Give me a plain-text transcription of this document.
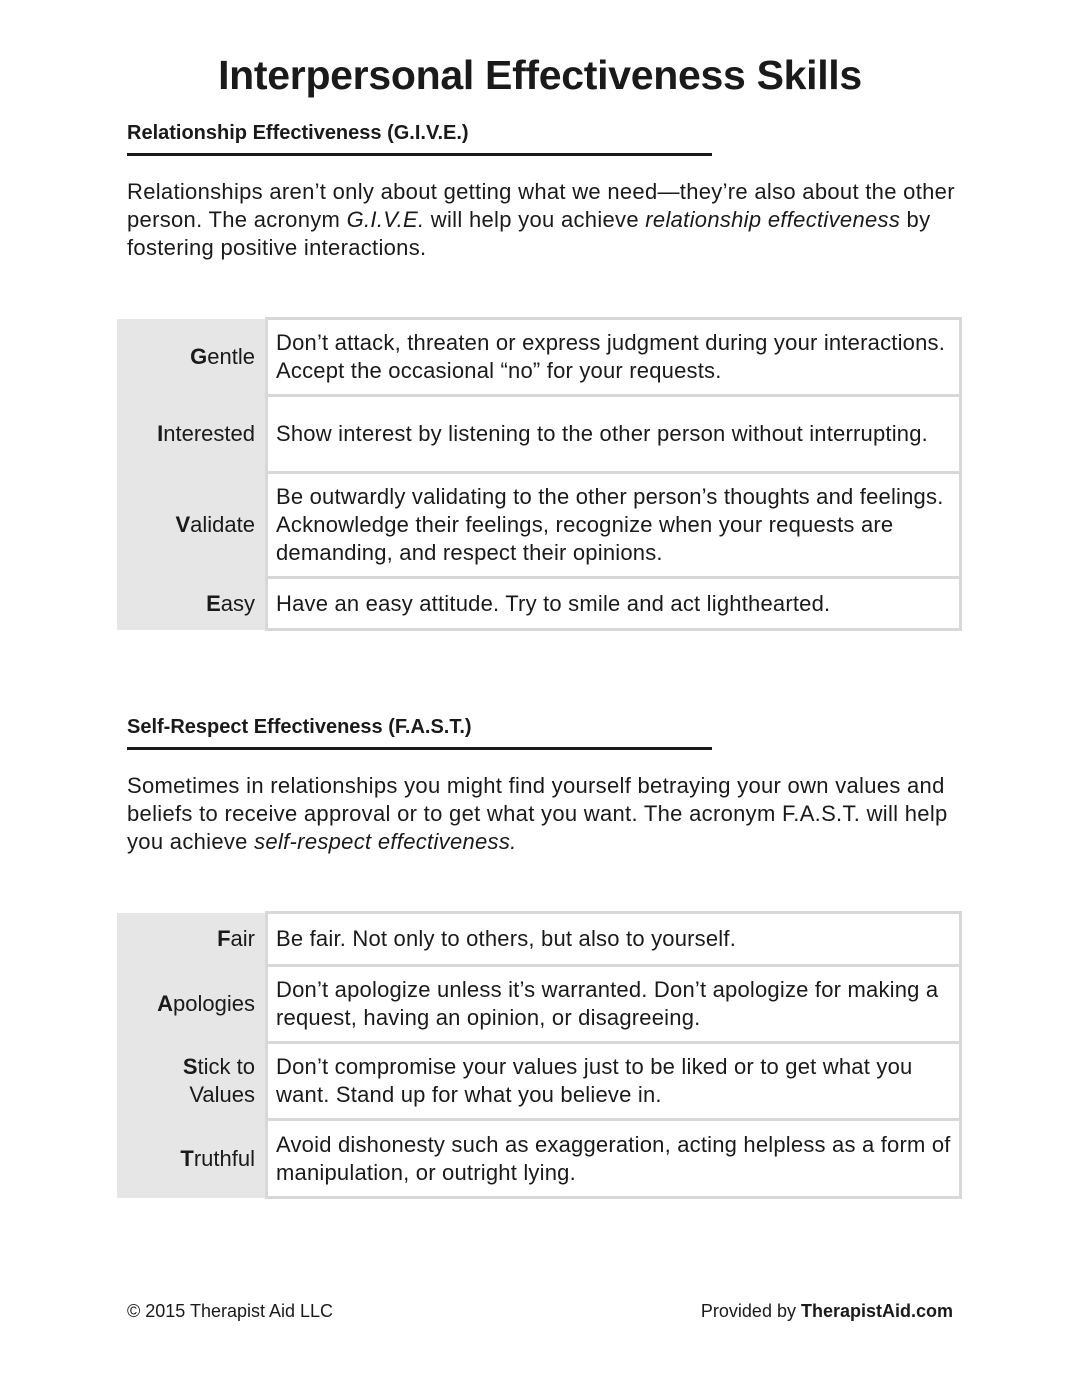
Interpersonal Effectiveness Skills
Relationship Effectiveness (G.I.V.E.)

Relationships aren’t only about getting what we need—they’re also about the other person. The acronym G.I.V.E. will help you achieve relationship effectiveness by fostering positive interactions.

Gentle	Don’t attack, threaten or express judgment during your interactions. Accept the occasional “no” for your requests.
Interested	Show interest by listening to the other person without interrupting.
Validate	Be outwardly validating to the other person’s thoughts and feelings. Acknowledge their feelings, recognize when your requests are demanding, and respect their opinions.
Easy	Have an easy attitude. Try to smile and act lighthearted.
Self-Respect Effectiveness (F.A.S.T.)

Sometimes in relationships you might find yourself betraying your own values and beliefs to receive approval or to get what you want. The acronym F.A.S.T. will help you achieve self-respect effectiveness.

Fair	Be fair. Not only to others, but also to yourself.
Apologies	Don’t apologize unless it’s warranted. Don’t apologize for making a request, having an opinion, or disagreeing.
Stick to
Values	Don’t compromise your values just to be liked or to get what you want. Stand up for what you believe in.
Truthful	Avoid dishonesty such as exaggeration, acting helpless as a form of manipulation, or outright lying.

© 2015 Therapist Aid LLC	Provided by TherapistAid.com
